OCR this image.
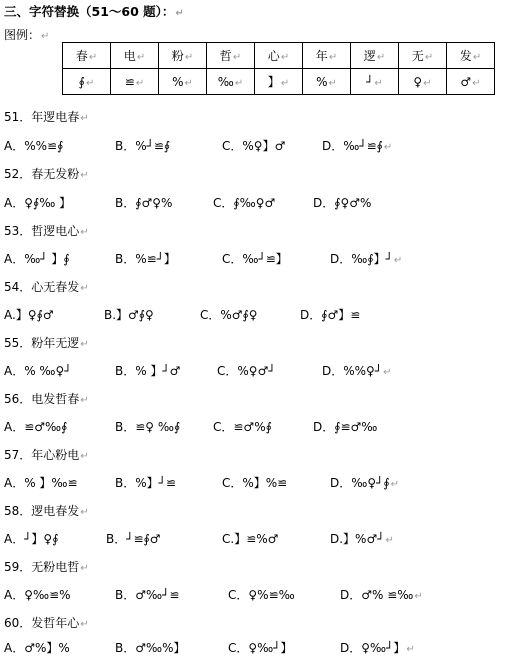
三、字符替换（51～60 题）：↵
图例：↵
春↵	电↵	粉↵	哲↵	心↵	年↵	逻↵	无↵	发↵
∮↵	≌↵	%↵	‰↵	】↵	%↵	┘↵	♀↵	♂↵
51．年逻电春↵
A．%%≌∮	B．%┘≌∮	C．%♀】♂	D．‰┘≌∮↵
52．春无发粉↵
A．♀∮‰ 】	B．∮♂♀%	C．∮‰♀♂	D．∮♀♂%
53．哲逻电心↵
A．‰┘ 】∮	B．%≌┘】	C．‰┘≌】	D．‰∮】┘↵
54．心无春发↵
A.】♀∮♂	B.】♂∮♀	C．%♂∮♀	D．∮♂】≌
55．粉年无逻↵
A．% ‰♀┘	B．% 】┘♂	C．%♀♂┘	D．%%♀┘↵
56．电发哲春↵
A．≌♂‰∮	B．≌♀ ‰∮	C．≌♂%∮	D．∮≌♂‰
57．年心粉电↵
A．% 】‰≌	B．%】┘≌	C．%】%≌	D．‰♀┘∮↵
58．逻电春发↵
A．┘】♀∮	B．┘≌∮♂	C.】≌%♂	D.】%♂┘↵
59．无粉电哲↵
A．♀‰≌%	B．♂‰┘≌	C．♀%≌‰	D．♂% ≌‰↵
60．发哲年心↵
A．♂%】%	B．♂‰%】	C．♀‰┘】	D．♀‰┘】↵
